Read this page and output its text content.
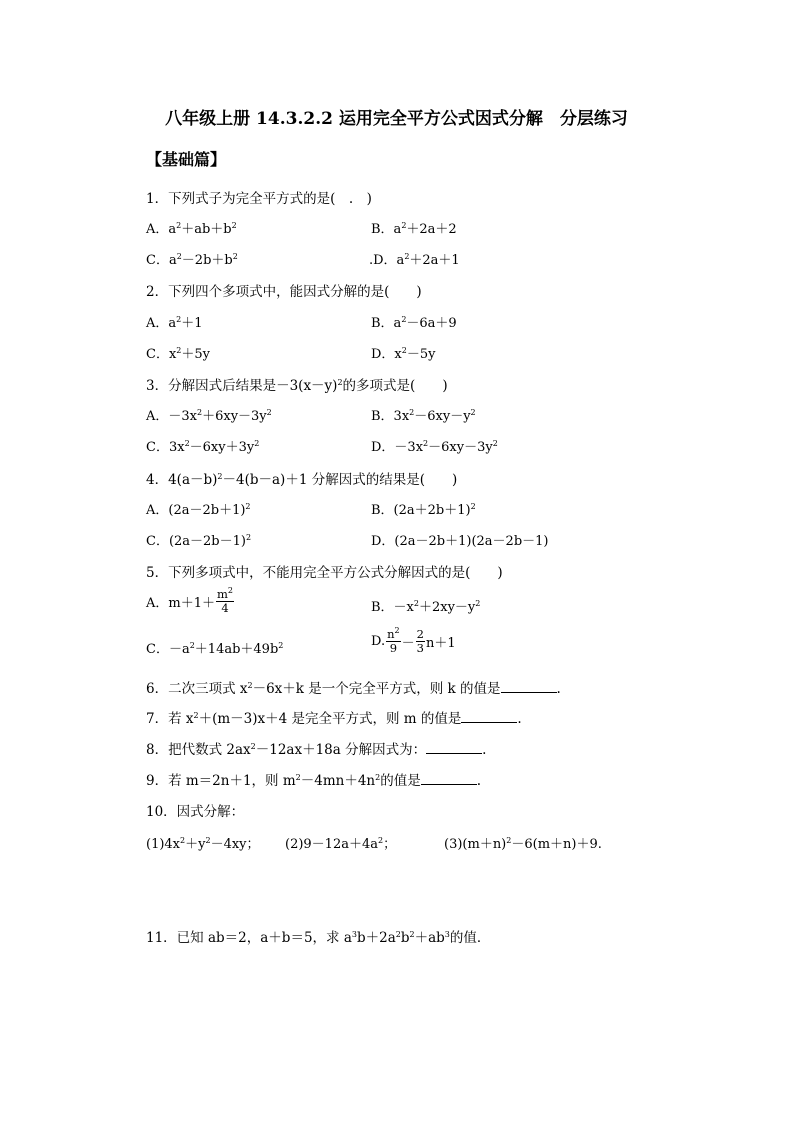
八年级上册 14.3.2.2 运用完全平方公式因式分解　分层练习
【基础篇】
1．下列式子为完全平方式的是(　.　)
A．$a^2+ab+b^2$	B．$a^2+2a+2$
C．$a^2-2b+b^2$	.D．$a^2+2a+1$
2．下列四个多项式中，能因式分解的是(　　)
A．$a^2+1$	B．$a^2-6a+9$
C．$x^2+5y$	D．$x^2-5y$
3．分解因式后结果是$-3(x-y)^2$的多项式是(　　)
A．$-3x^2+6xy-3y^2$	B．$3x^2-6xy-y^2$
C．$3x^2-6xy+3y^2$	D．$-3x^2-6xy-3y^2$
4．$4(a-b)^2-4(b-a)+1$ 分解因式的结果是(　　)
A．$(2a-2b+1)^2$	B．$(2a+2b+1)^2$
C．$(2a-2b-1)^2$	D．(2a－2b＋1)(2a－2b－1)
5．下列多项式中，不能用完全平方公式分解因式的是(　　)
A．$m+1+ \frac{m^2}{4}$	B．$-x^2+2xy-y^2$
C．$-a^2+14ab+49b^2$	D. $\frac{n^2}{9} - \frac{2}{3} n+1$
6．二次三项式 $x^2-6x+k$ 是一个完全平方式，则 k 的值是	.
7．若 $x^2+(m-3)x+4$ 是完全平方式，则 m 的值是	.
8．把代数式 $2ax^2-12ax+18a$ 分解因式为：	.
9．若 m＝2n＋1，则 $m^2-4mn+4n^2$的值是	.
10．因式分解：
$(1)4x^2+y^2-4xy$； $(2)9-12a+4a^2$；	$(3)(m+n)^2-6(m+n)+9$.
11．已知 ab＝2，a＋b＝5，求 $a^3b+2a^2b^2+ab^3$的值．
